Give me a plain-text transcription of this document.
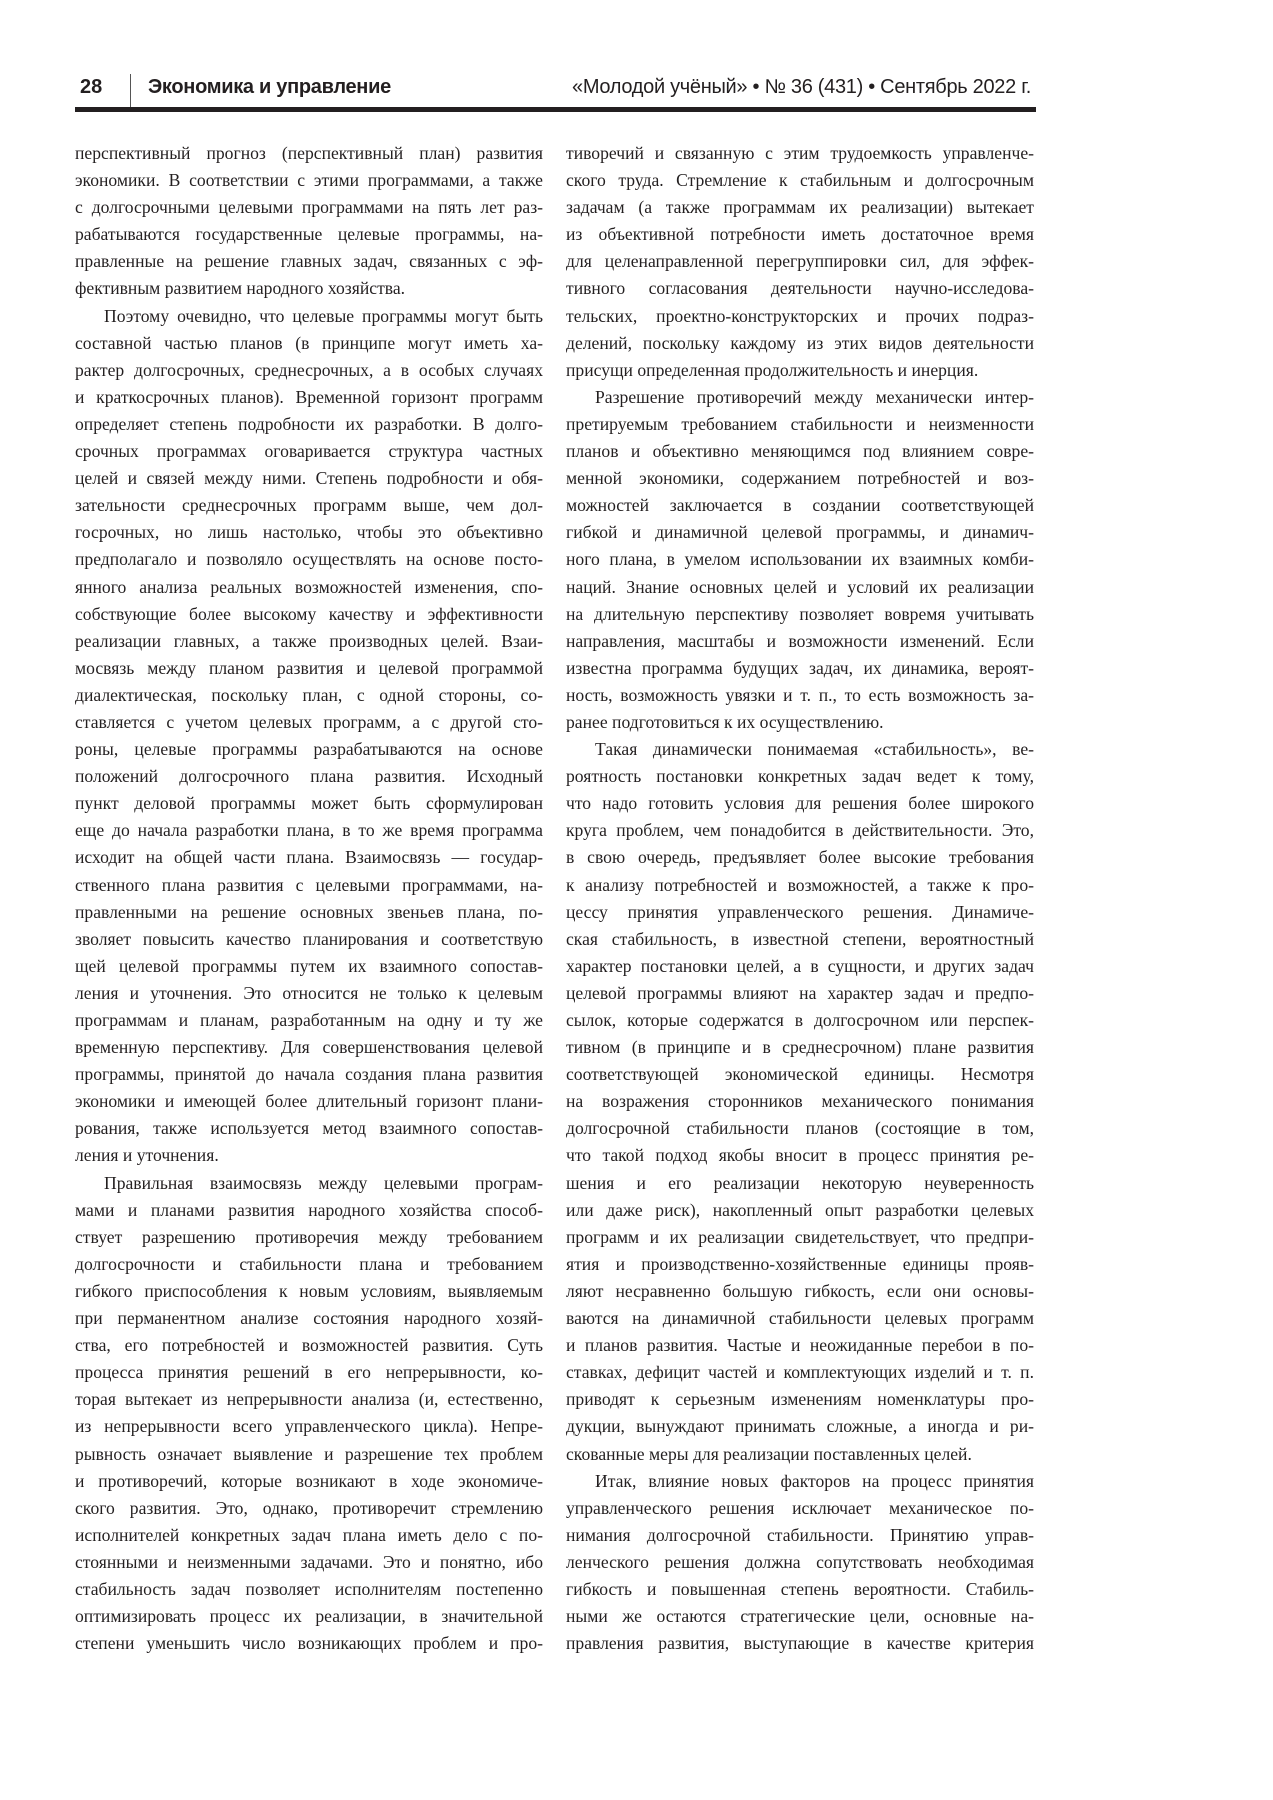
28 Экономика и управление	«Молодой учёный» • № 36 (431) • Сентябрь 2022 г.
перспективный прогноз (перспективный план) развития
экономики. В соответствии с этими программами, а также
с долгосрочными целевыми программами на пять лет раз-
рабатываются государственные целевые программы, на-
правленные на решение главных задач, связанных с эф-
фективным развитием народного хозяйства.
Поэтому очевидно, что целевые программы могут быть
составной частью планов (в принципе могут иметь ха-
рактер долгосрочных, среднесрочных, а в особых случаях
и краткосрочных планов). Временной горизонт программ
определяет степень подробности их разработки. В долго-
срочных программах оговаривается структура частных
целей и связей между ними. Степень подробности и обя-
зательности среднесрочных программ выше, чем дол-
госрочных, но лишь настолько, чтобы это объективно
предполагало и позволяло осуществлять на основе посто-
янного анализа реальных возможностей изменения, спо-
собствующие более высокому качеству и эффективности
реализации главных, а также производных целей. Взаи-
мосвязь между планом развития и целевой программой
диалектическая, поскольку план, с одной стороны, со-
ставляется с учетом целевых программ, а с другой сто-
роны, целевые программы разрабатываются на основе
положений долгосрочного плана развития. Исходный
пункт деловой программы может быть сформулирован
еще до начала разработки плана, в то же время программа
исходит на общей части плана. Взаимосвязь — государ-
ственного плана развития с целевыми программами, на-
правленными на решение основных звеньев плана, по-
зволяет повысить качество планирования и соответствую
щей целевой программы путем их взаимного сопостав-
ления и уточнения. Это относится не только к целевым
программам и планам, разработанным на одну и ту же
временную перспективу. Для совершенствования целевой
программы, принятой до начала создания плана развития
экономики и имеющей более длительный горизонт плани-
рования, также используется метод взаимного сопостав-
ления и уточнения.
Правильная взаимосвязь между целевыми програм-
мами и планами развития народного хозяйства способ-
ствует разрешению противоречия между требованием
долгосрочности и стабильности плана и требованием
гибкого приспособления к новым условиям, выявляемым
при перманентном анализе состояния народного хозяй-
ства, его потребностей и возможностей развития. Суть
процесса принятия решений в его непрерывности, ко-
торая вытекает из непрерывности анализа (и, естественно,
из непрерывности всего управленческого цикла). Непре-
рывность означает выявление и разрешение тех проблем
и противоречий, которые возникают в ходе экономиче-
ского развития. Это, однако, противоречит стремлению
исполнителей конкретных задач плана иметь дело с по-
стоянными и неизменными задачами. Это и понятно, ибо
стабильность задач позволяет исполнителям постепенно
оптимизировать процесс их реализации, в значительной
степени уменьшить число возникающих проблем и про-
тиворечий и связанную с этим трудоемкость управленче-
ского труда. Стремление к стабильным и долгосрочным
задачам (а также программам их реализации) вытекает
из объективной потребности иметь достаточное время
для целенаправленной перегруппировки сил, для эффек-
тивного согласования деятельности научно-исследова-
тельских, проектно-конструкторских и прочих подраз-
делений, поскольку каждому из этих видов деятельности
присущи определенная продолжительность и инерция.
Разрешение противоречий между механически интер-
претируемым требованием стабильности и неизменности
планов и объективно меняющимся под влиянием совре-
менной экономики, содержанием потребностей и воз-
можностей заключается в создании соответствующей
гибкой и динамичной целевой программы, и динамич-
ного плана, в умелом использовании их взаимных комби-
наций. Знание основных целей и условий их реализации
на длительную перспективу позволяет вовремя учитывать
направления, масштабы и возможности изменений. Если
известна программа будущих задач, их динамика, вероят-
ность, возможность увязки и т. п., то есть возможность за-
ранее подготовиться к их осуществлению.
Такая динамически понимаемая «стабильность», ве-
роятность постановки конкретных задач ведет к тому,
что надо готовить условия для решения более широкого
круга проблем, чем понадобится в действительности. Это,
в свою очередь, предъявляет более высокие требования
к анализу потребностей и возможностей, а также к про-
цессу принятия управленческого решения. Динамиче-
ская стабильность, в известной степени, вероятностный
характер постановки целей, а в сущности, и других задач
целевой программы влияют на характер задач и предпо-
сылок, которые содержатся в долгосрочном или перспек-
тивном (в принципе и в среднесрочном) плане развития
соответствующей экономической единицы. Несмотря
на возражения сторонников механического понимания
долгосрочной стабильности планов (состоящие в том,
что такой подход якобы вносит в процесс принятия ре-
шения и его реализации некоторую неуверенность
или даже риск), накопленный опыт разработки целевых
программ и их реализации свидетельствует, что предпри-
ятия и производственно-хозяйственные единицы прояв-
ляют несравненно большую гибкость, если они основы-
ваются на динамичной стабильности целевых программ
и планов развития. Частые и неожиданные перебои в по-
ставках, дефицит частей и комплектующих изделий и т. п.
приводят к серьезным изменениям номенклатуры про-
дукции, вынуждают принимать сложные, а иногда и ри-
скованные меры для реализации поставленных целей.
Итак, влияние новых факторов на процесс принятия
управленческого решения исключает механическое по-
нимания долгосрочной стабильности. Принятию управ-
ленческого решения должна сопутствовать необходимая
гибкость и повышенная степень вероятности. Стабиль-
ными же остаются стратегические цели, основные на-
правления развития, выступающие в качестве критерия
